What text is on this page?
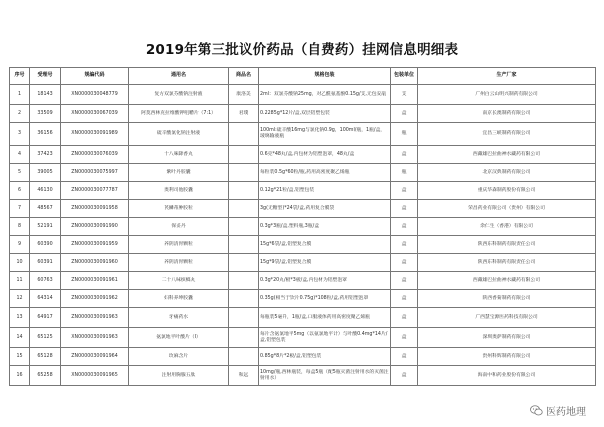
2019年第三批议价药品（自费药）挂网信息明细表
序号	受理号	规编代码	通用名	商品名	规格包装	包装单位	生产厂家
1	18143	XN0000030048779	复方双氯芬酸钠注射液	康洛美	2ml：双氯芬酸钠25mg，对乙酰氨基酚0.15g/支,无包安瓿	支	广州白云山明兴制药有限公司
2	33509	XN0000030067039	阿莫西林克拉维酸钾咀嚼片（7:1）	君璞	0.2285g*12片/盒,双层铝塑包装	盒	南京长澳制药有限公司
3	36156	XN0000030091989	硫辛酸氯化钠注射液		100ml:硫辛酸16mg与氯化钠0.9g，100ml/瓶，1瓶/盒，玻璃输液瓶	瓶	宜昌三峡制药有限公司
4	37423	ZN0000030076039	十八味降香丸		0.6克*48丸/盒,内包材为铝塑泡罩，48丸/盒	盒	西藏雄巴拉曲神水藏药有限公司
5	39005	ZN0000030075997	紫叶丹胶囊		每粒装0.5g*60粒/瓶,药用高密度聚乙烯瓶	瓶	北京汉典制药有限公司
6	46130	ZN0000030077787	奥利司他胶囊		0.12g*21粒/盒,铝塑包装	盒	重庆华森制药股份有限公司
7	48567	ZN0000030091958	芪鳞蒂肿胶粒		3g(无糖型)*24袋/盒,药用复合膜袋	盒	荣昌药业有限公司（贵州）有限公司
8	52191	ZN0000030091990	保妥丹		0.3g*3瓶/盒,塑料瓶,3瓶/盒	盒	余仁生（香港）有限公司
9	60390	ZN0000030091959	养阴清胃颗粒		15g*6袋/盒,铝塑复合膜	盒	陕西东科制药有限责任公司
10	60391	ZN0000030091960	养阴清胃颗粒		15g*9袋/盒,铝塑复合膜	盒	陕西东科制药有限责任公司
11	60763	ZN0000030091961	二十八味槟榔丸		0.3g*20丸/板*3板/盒,内包材为铝塑泡罩	盒	西藏雄巴拉曲神水藏药有限公司
12	64314	ZN0000030091962	妇科养坤胶囊		0.35g(相当于饮片0.75g)*108粒/盒,药用铝塑泡罩	盒	陕西香菊制药有限公司
13	64917	ZN0000030091963	牙痛药水		每瓶装5毫升，1瓶/盒,口服液体药用高密度聚乙烯瓶	盒	广西慧宝源医药科技有限公司
14	65125	XN0000030091963	氨氯地平叶酸片（Ⅰ）		每片含氨氯地平5mg（以氨氯地平计）与叶酸0.4mg*14片/盒,铝塑包装	盒	深圳奥萨制药有限公司
15	65128	ZN0000030091964	玫麻含片		0.85g*8片*2板/盒,铝塑包装	盒	贵州科辉制药有限公司
16	65258	XN0000030091965	注射用胸腺五肽	和远	10mg/瓶,西林瓶装，每盒5瓶（配5瓶灭菌注射用水的灭菌注射用水）	盒	海南中和药业股份有限公司
医药地理
